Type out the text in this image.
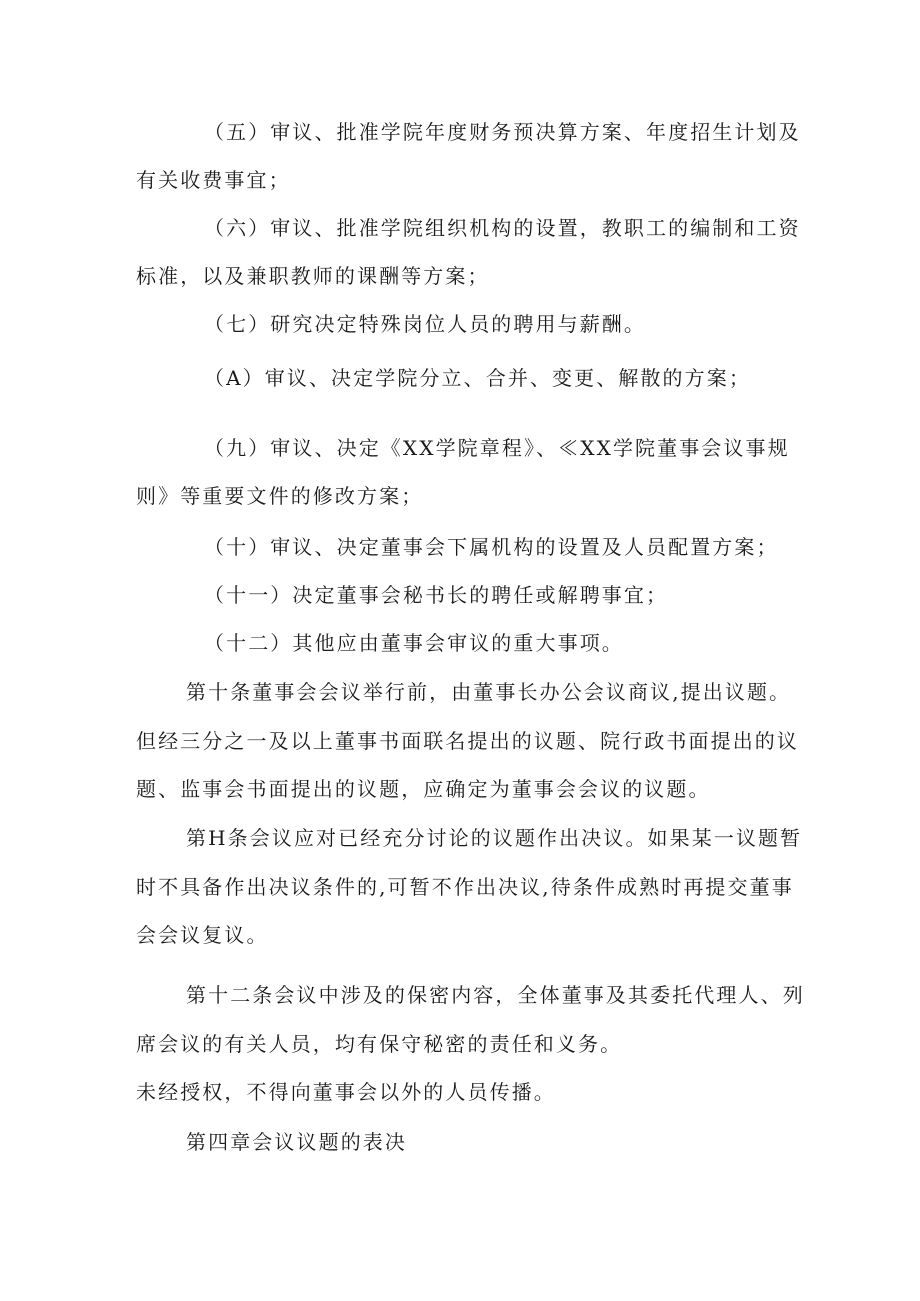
（五）审议、批准学院年度财务预决算方案、年度招生计划及

有关收费事宜；

（六）审议、批准学院组织机构的设置，教职工的编制和工资

标准，以及兼职教师的课酬等方案；

（七）研究决定特殊岗位人员的聘用与薪酬。

（A）审议、决定学院分立、合并、变更、解散的方案；

（九）审议、决定《XX学院章程》、≪XX学院董事会议事规

则》等重要文件的修改方案；

（十）审议、决定董事会下属机构的设置及人员配置方案；

（十一）决定董事会秘书长的聘任或解聘事宜；

（十二）其他应由董事会审议的重大事项。

第十条董事会会议举行前，由董事长办公会议商议,提出议题。

但经三分之一及以上董事书面联名提出的议题、院行政书面提出的议

题、监事会书面提出的议题，应确定为董事会会议的议题。

第H条会议应对已经充分讨论的议题作出决议。如果某一议题暂

时不具备作出决议条件的,可暂不作出决议,待条件成熟时再提交董事

会会议复议。

第十二条会议中涉及的保密内容，全体董事及其委托代理人、列

席会议的有关人员，均有保守秘密的责任和义务。

未经授权，不得向董事会以外的人员传播。

第四章会议议题的表决
